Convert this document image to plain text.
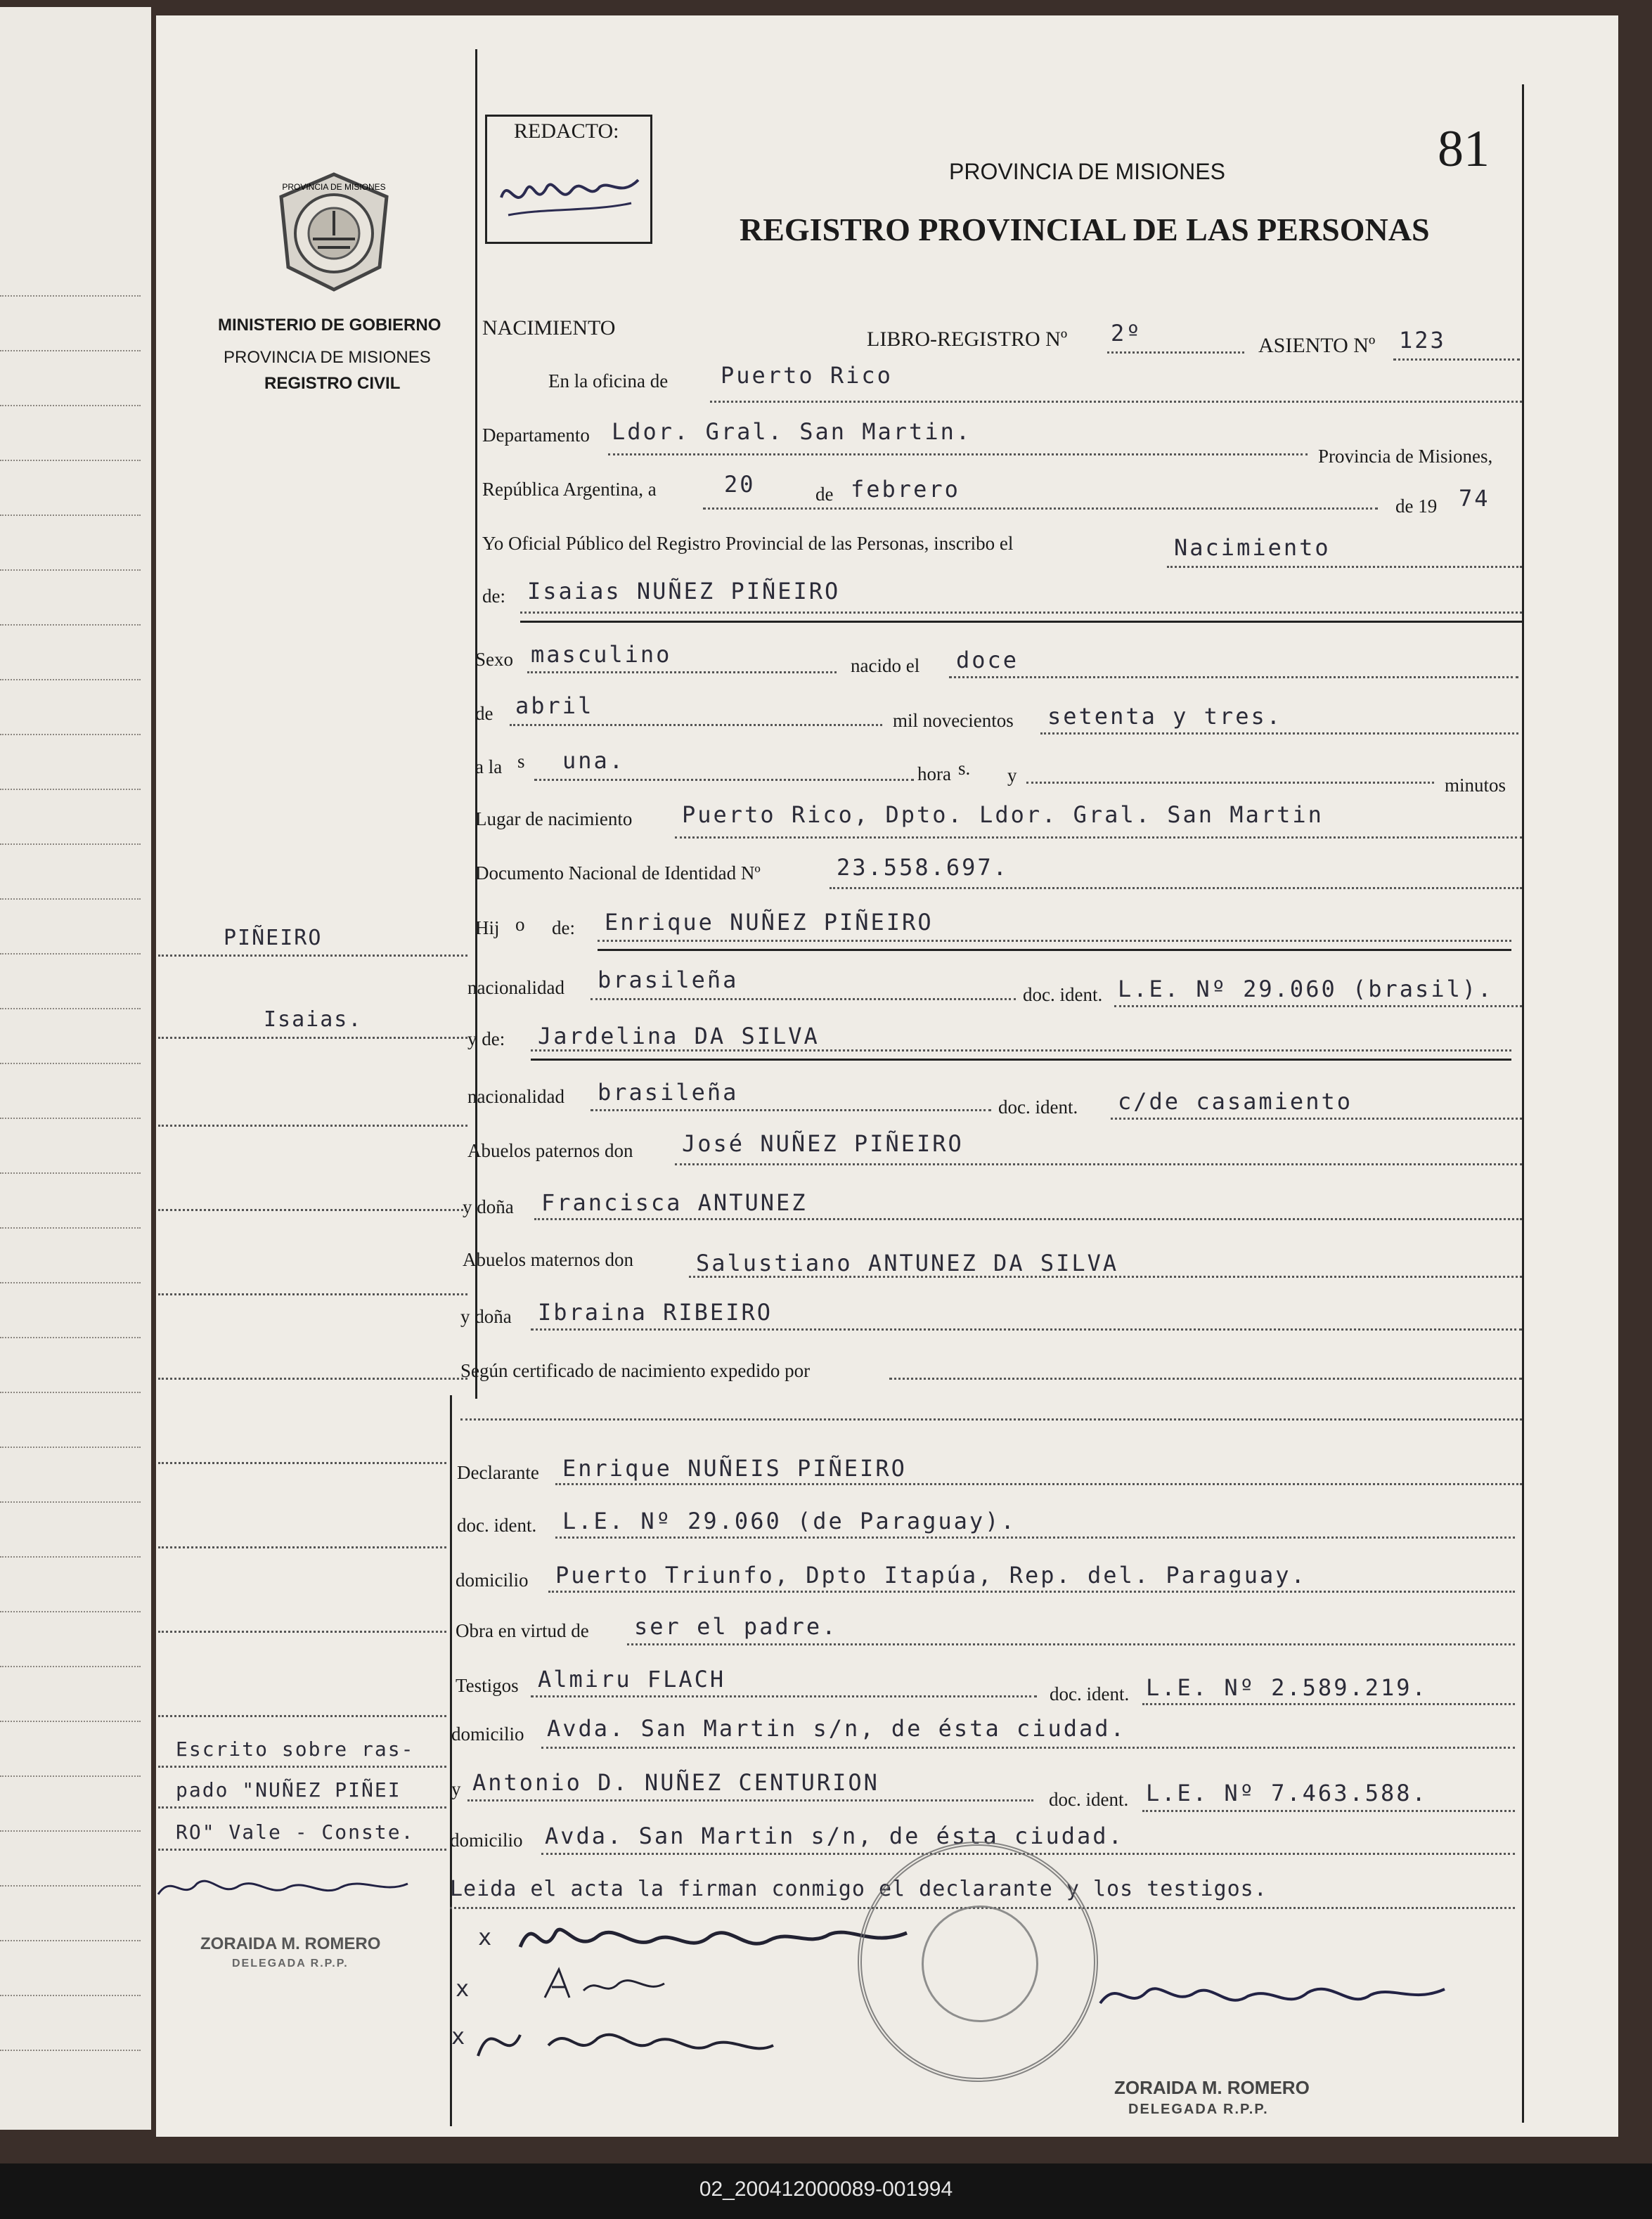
REDACTO:	81
PROVINCIA DE MISIONES
REGISTRO PROVINCIAL DE LAS PERSONAS
PROVINCIA DE MISIONES
MINISTERIO DE GOBIERNO
PROVINCIA DE MISIONES
REGISTRO CIVIL
NACIMIENTO	LIBRO-REGISTRO Nº 2º	ASIENTO Nº 123
En la oficina de Puerto Rico
Departamento Ldor. Gral. San Martin.
Provincia de Misiones,
República Argentina, a	20	de febrero
de 19 74
Yo Oficial Público del Registro Provincial de las Personas, inscribo el	Nacimiento
de: Isaias NUÑEZ PIÑEIRO
Sexo masculino	nacido el doce
de abril
mil novecientos setenta y tres.
a la s una.	hora s. y	minutos
Lugar de nacimiento Puerto Rico, Dpto. Ldor. Gral. San Martin
Documento Nacional de Identidad Nº	23.558.697.
Hij o de: Enrique NUÑEZ PIÑEIRO
nacionalidad brasileña
doc. ident. L.E. Nº 29.060 (brasil).
y de: Jardelina DA SILVA
nacionalidad brasileña
doc. ident. c/de casamiento
Abuelos paternos don José NUÑEZ PIÑEIRO
y doña Francisca ANTUNEZ
Abuelos maternos don	Salustiano ANTUNEZ DA SILVA
y doña Ibraina RIBEIRO
Según certificado de nacimiento expedido por
Declarante Enrique NUÑEIS PIÑEIRO
doc. ident. L.E. Nº 29.060 (de Paraguay).
domicilio Puerto Triunfo, Dpto Itapúa, Rep. del. Paraguay.
Obra en virtud de ser el padre.
Testigos Almiru FLACH
doc. ident. L.E. Nº 2.589.219.
domicilio Avda. San Martin s/n, de ésta ciudad.
y Antonio D. NUÑEZ CENTURION
doc. ident. L.E. Nº 7.463.588.
domicilio Avda. San Martin s/n, de ésta ciudad.
Leida el acta la firman conmigo el declarante y los testigos.
x
x
x
ZORAIDA M. ROMERO
DELEGADA R.P.P.
PIÑEIRO
Isaias.
Escrito sobre ras-
pado "NUÑEZ PIÑEI
RO" Vale - Conste.
ZORAIDA M. ROMERO
DELEGADA R.P.P.
02_200412000089-001994
